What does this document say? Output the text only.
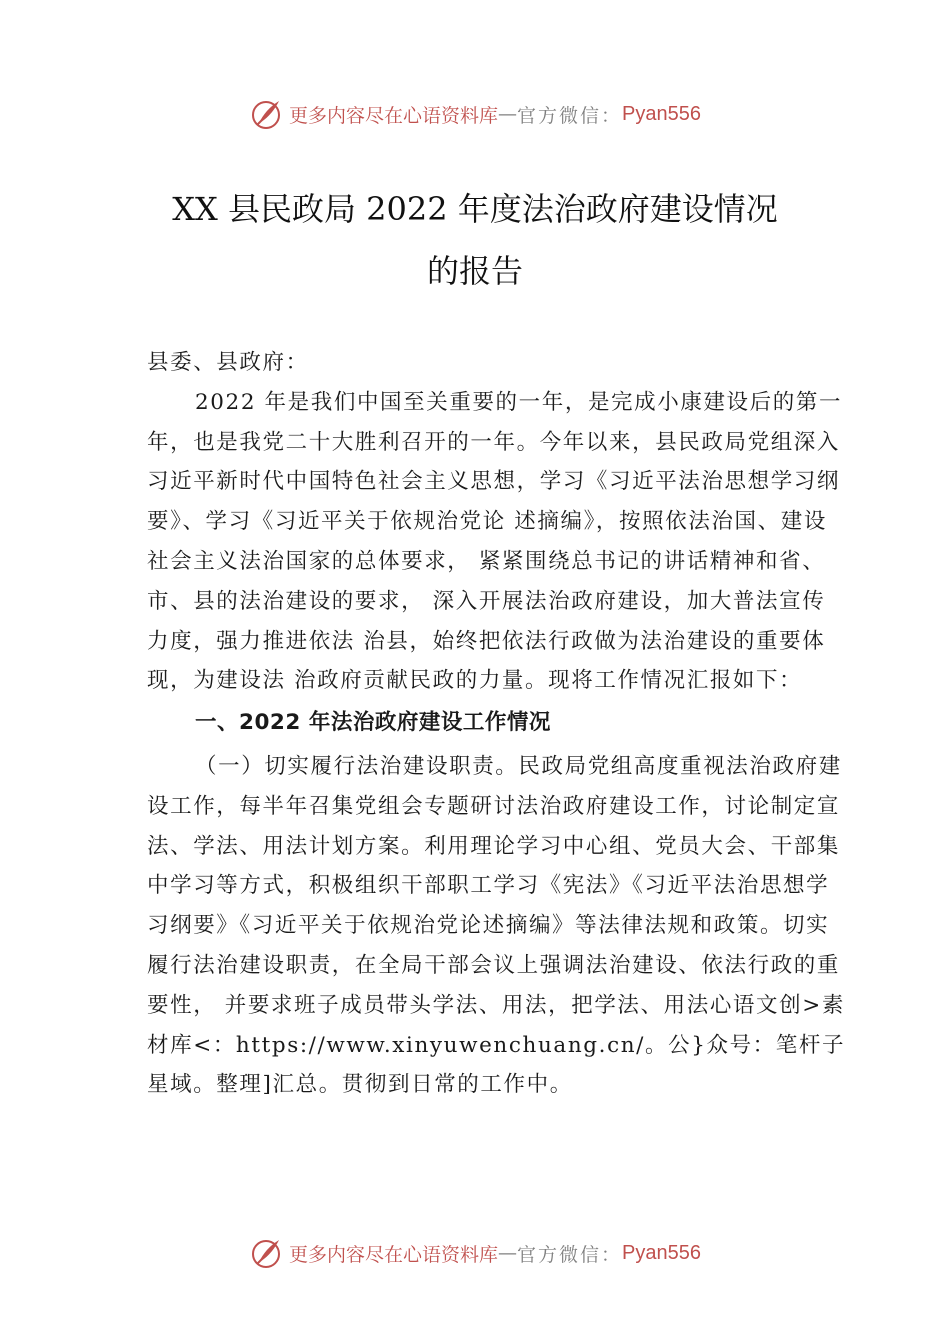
更多内容尽在心语资料库 — 官方微信： Pyan556
XX 县民政局 2022 年度法治政府建设情况
的报告

县委、县政府：

2022 年是我们中国至关重要的一年，是完成小康建设后的第一年，也是我党二十大胜利召开的一年。今年以来，县民政局党组深入习近平新时代中国特色社会主义思想，学习《习近平法治思想学习纲要》、学习《习近平关于依规治党论 述摘编》，按照依法治国、建设社会主义法治国家的总体要求， 紧紧围绕总书记的讲话精神和省、市、县的法治建设的要求， 深入开展法治政府建设，加大普法宣传力度，强力推进依法 治县，始终把依法行政做为法治建设的重要体现，为建设法 治政府贡献民政的力量。现将工作情况汇报如下：

一、2022 年法治政府建设工作情况

（一）切实履行法治建设职责。民政局党组高度重视法治政府建设工作，每半年召集党组会专题研讨法治政府建设工作，讨论制定宣法、学法、用法计划方案。利用理论学习中心组、党员大会、干部集中学习等方式，积极组织干部职工学习《宪法》《习近平法治思想学习纲要》《习近平关于依规治党论述摘编》等法律法规和政策。切实履行法治建设职责，在全局干部会议上强调法治建设、依法行政的重要性， 并要求班子成员带头学法、用法，把学法、用法心语文创>素材库<：https://www.xinyuwenchuang.cn/。公}众号：笔杆子星域。整理]汇总。贯彻到日常的工作中。

更多内容尽在心语资料库 — 官方微信： Pyan556
